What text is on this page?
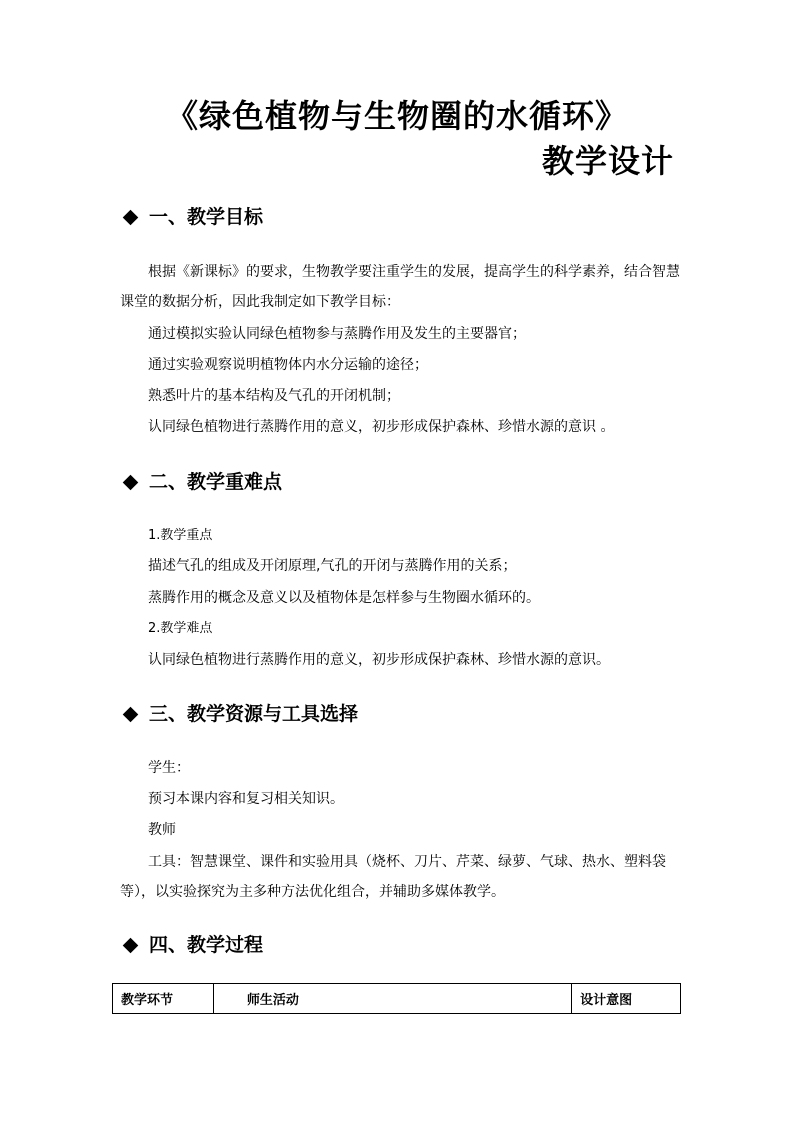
《绿色植物与生物圈的水循环》
教学设计
一、教学目标
根据《新课标》的要求，生物教学要注重学生的发展，提高学生的科学素养，结合智慧
课堂的数据分析，因此我制定如下教学目标：
通过模拟实验认同绿色植物参与蒸腾作用及发生的主要器官；
通过实验观察说明植物体内水分运输的途径；
熟悉叶片的基本结构及气孔的开闭机制；
认同绿色植物进行蒸腾作用的意义，初步形成保护森林、珍惜水源的意识 。
二、教学重难点
1.教学重点
描述气孔的组成及开闭原理,气孔的开闭与蒸腾作用的关系；
蒸腾作用的概念及意义以及植物体是怎样参与生物圈水循环的。
2.教学难点
认同绿色植物进行蒸腾作用的意义，初步形成保护森林、珍惜水源的意识。
三、教学资源与工具选择
学生：
预习本课内容和复习相关知识。
教师
工具：智慧课堂、课件和实验用具（烧杯、刀片、芹菜、绿萝、气球、热水、塑料袋
等），以实验探究为主多种方法优化组合，并辅助多媒体教学。
四、教学过程
教学环节	师生活动	设计意图
